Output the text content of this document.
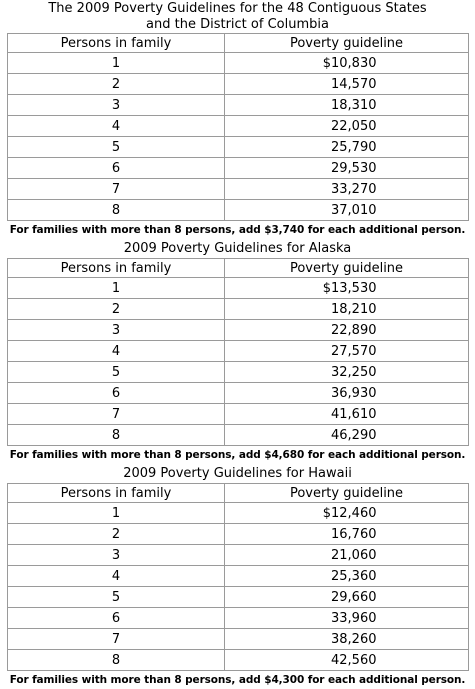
The 2009 Poverty Guidelines for the 48 Contiguous States
and the District of Columbia
Persons in family	Poverty guideline
1	$10,830
2	14,570
3	18,310
4	22,050
5	25,790
6	29,530
7	33,270
8	37,010
For families with more than 8 persons, add $3,740 for each additional person.
2009 Poverty Guidelines for Alaska
Persons in family	Poverty guideline
1	$13,530
2	18,210
3	22,890
4	27,570
5	32,250
6	36,930
7	41,610
8	46,290
For families with more than 8 persons, add $4,680 for each additional person.
2009 Poverty Guidelines for Hawaii
Persons in family	Poverty guideline
1	$12,460
2	16,760
3	21,060
4	25,360
5	29,660
6	33,960
7	38,260
8	42,560
For families with more than 8 persons, add $4,300 for each additional person.
